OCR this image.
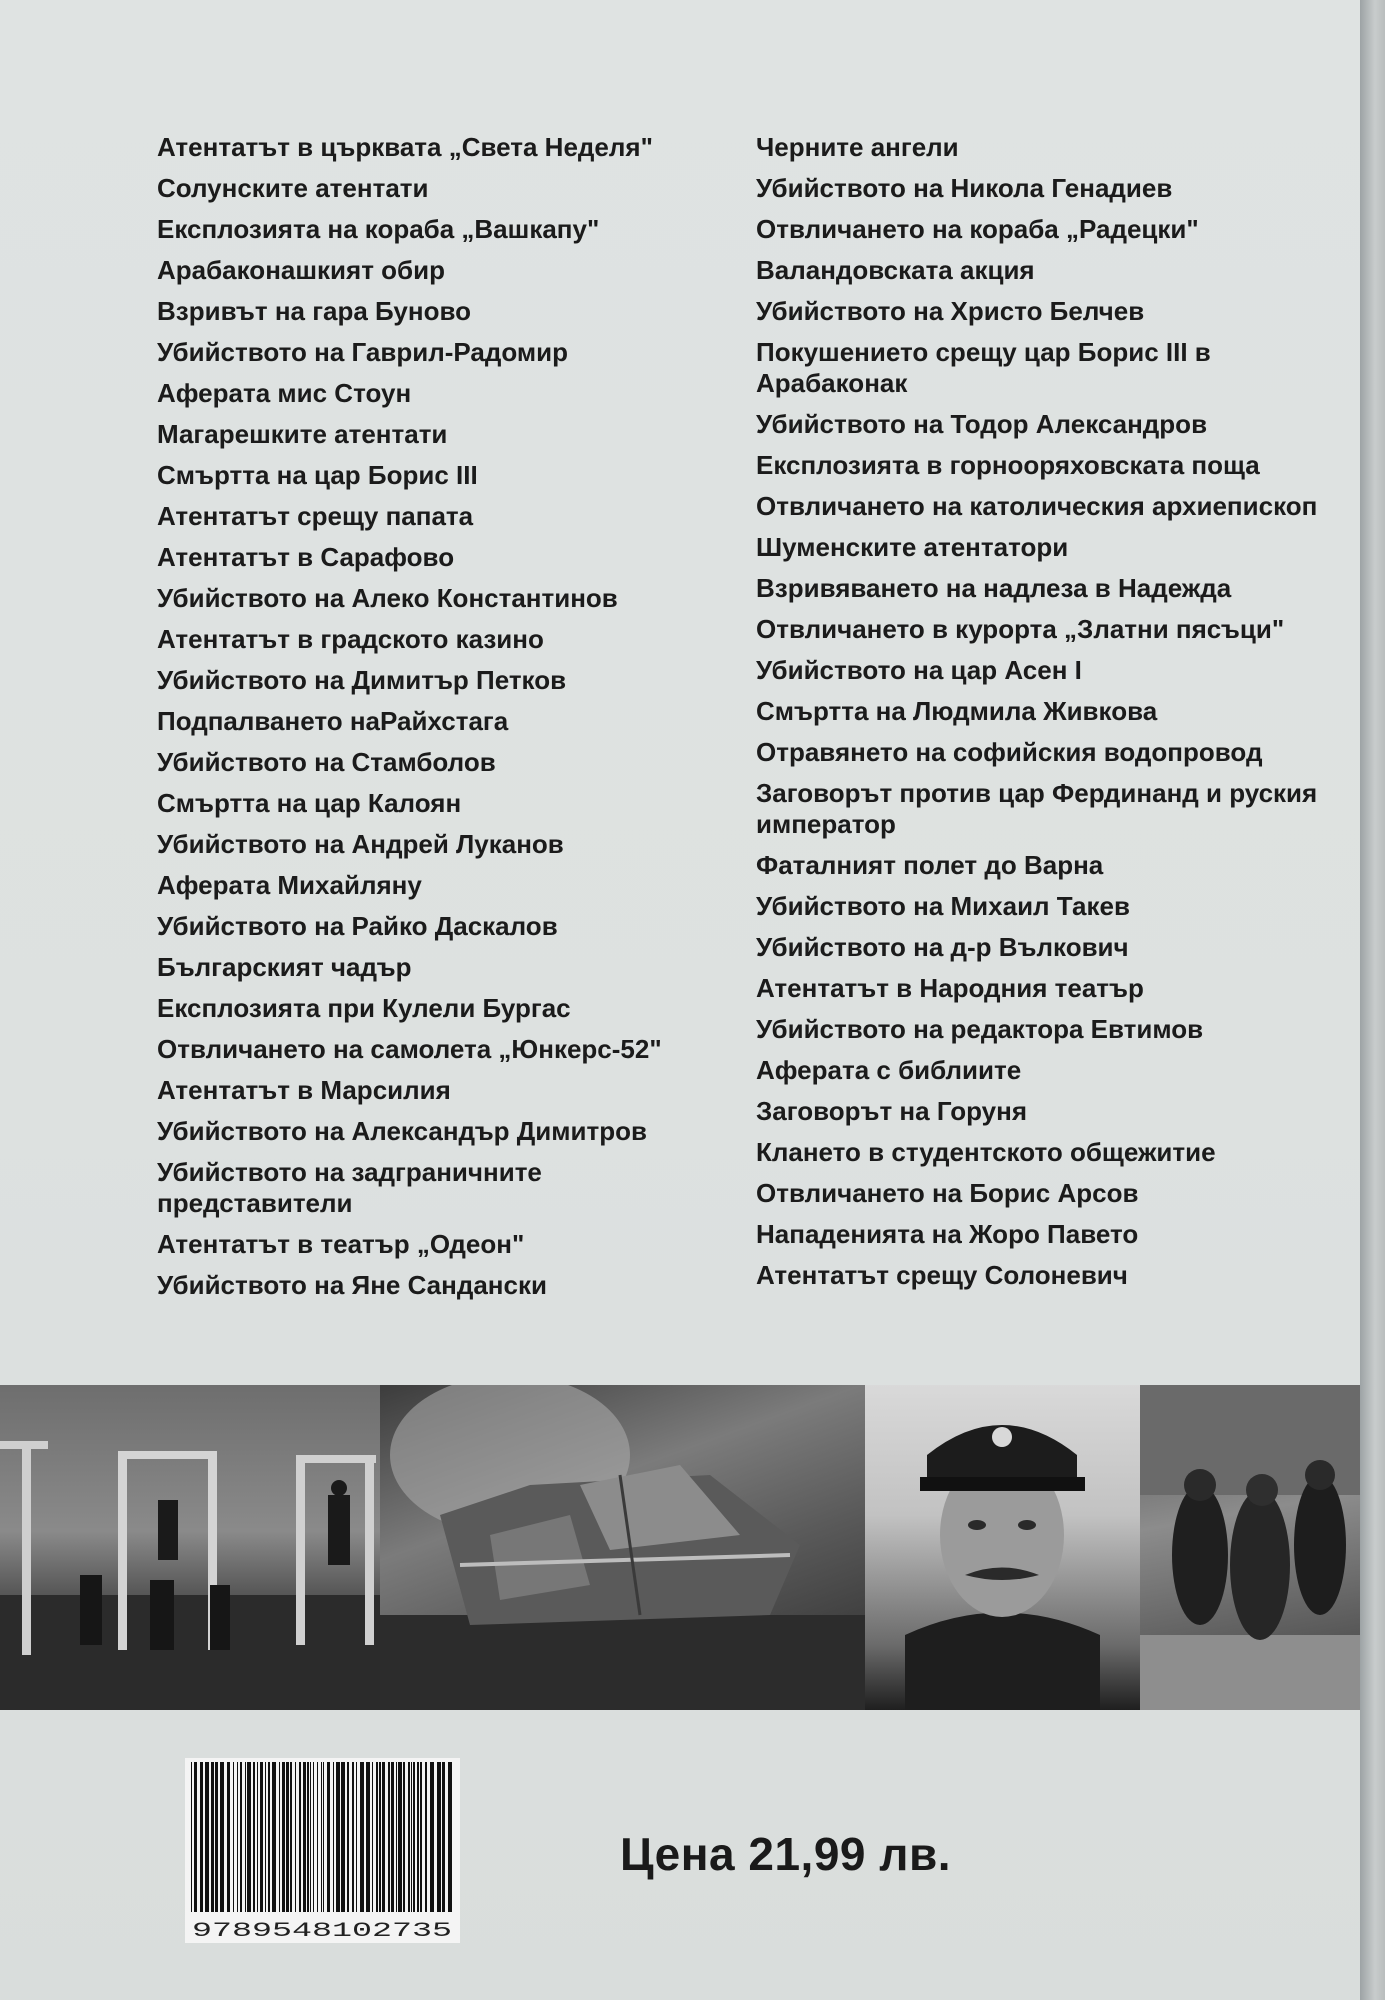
Атентатът в църквата „Света Неделя"
Солунските атентати
Експлозията на кораба „Вашкапу"
Арабаконашкият обир
Взривът на гара Буново
Убийството на Гаврил-Радомир
Аферата мис Стоун
Магарешките атентати
Смъртта на цар Борис III
Атентатът срещу папата
Атентатът в Сарафово
Убийството на Алеко Константинов
Атентатът в градското казино
Убийството на Димитър Петков
Подпалването наРайхстага
Убийството на Стамболов
Смъртта на цар Калоян
Убийството на Андрей Луканов
Аферата Михайляну
Убийството на Райко Даскалов
Българският чадър
Експлозията при Кулели Бургас
Отвличането на самолета „Юнкерс-52"
Атентатът в Марсилия
Убийството на Александър Димитров
Убийството на задграничните представители
Атентатът в театър „Одеон"
Убийството на Яне Сандански
Черните ангели
Убийството на Никола Генадиев
Отвличането на кораба „Радецки"
Валандовската акция
Убийството на Христо Белчев
Покушението срещу цар Борис III в Арабаконак
Убийството на Тодор Александров
Експлозията в горнооряховската поща
Отвличането на католическия архиепископ
Шуменските атентатори
Взривяването на надлеза в Надежда
Отвличането в курорта „Златни пясъци"
Убийството на цар Асен I
Смъртта на Людмила Живкова
Отравянето на софийския водопровод
Заговорът против цар Фердинанд и руския император
Фаталният полет до Варна
Убийството на Михаил Такев
Убийството на д-р Вълкович
Атентатът в Народния театър
Убийството на редактора Евтимов
Аферата с библиите
Заговорът на Горуня
Клането в студентското общежитие
Отвличането на Борис Арсов
Нападенията на Жоро Павето
Атентатът срещу Солоневич
9789548102735
Цена 21,99 лв.
